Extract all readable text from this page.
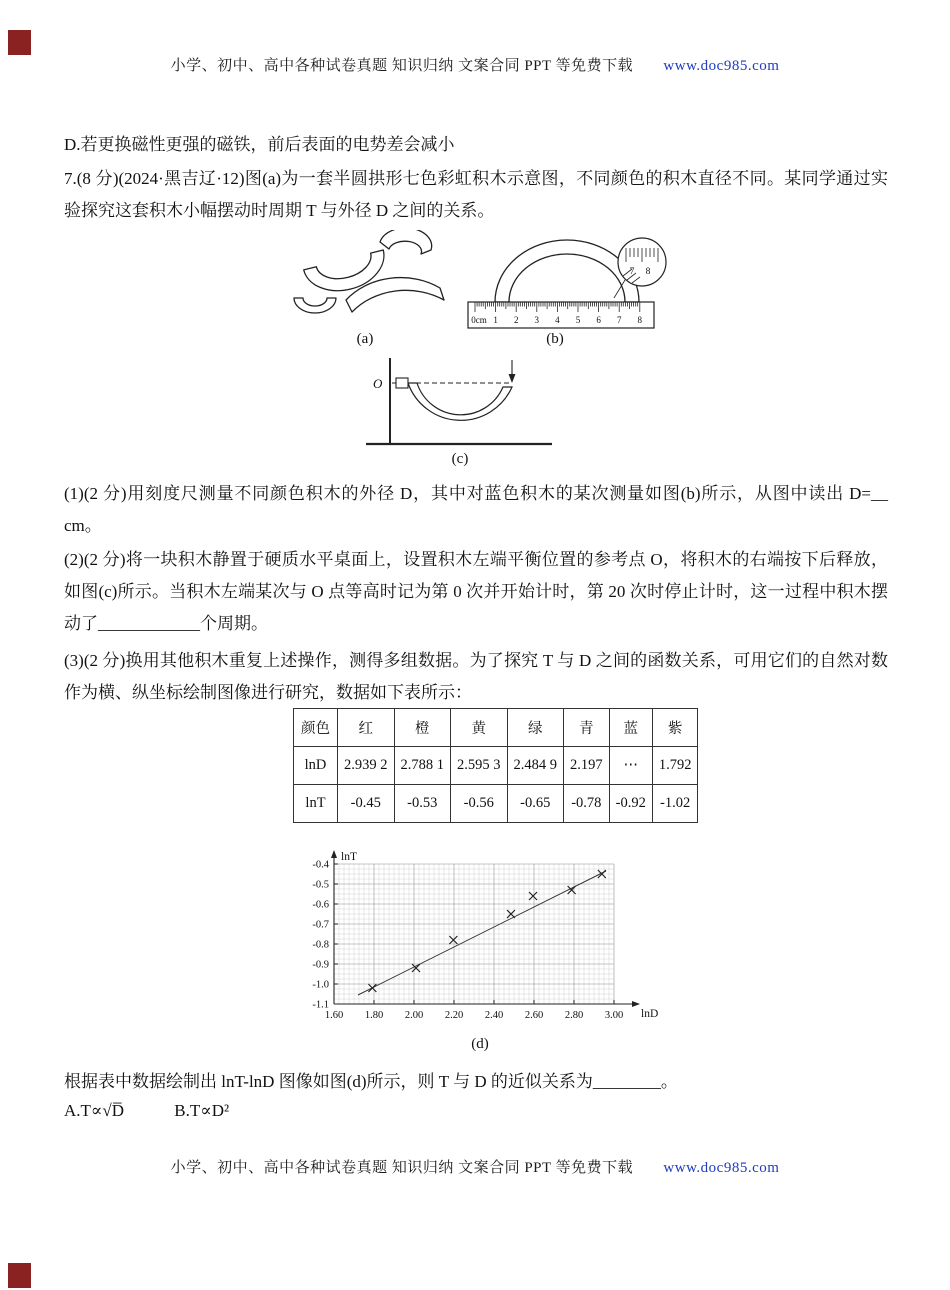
小学、初中、高中各种试卷真题 知识归纳 文案合同 PPT 等免费下载 www.doc985.com
D.若更换磁性更强的磁铁，前后表面的电势差会减小
7.(8 分)(2024·黑吉辽·12)图(a)为一套半圆拱形七色彩虹积木示意图，不同颜色的积木直径不同。某同学通过实验探究这套积木小幅摆动时周期 T 与外径 D 之间的关系。
(a)
0cm 1 2 3 4 5 6 7 8
7 8
(b)
O
(c)
(1)(2 分)用刻度尺测量不同颜色积木的外径 D，其中对蓝色积木的某次测量如图(b)所示，从图中读出 D=__ cm。
(2)(2 分)将一块积木静置于硬质水平桌面上，设置积木左端平衡位置的参考点 O，将积木的右端按下后释放，如图(c)所示。当积木左端某次与 O 点等高时记为第 0 次并开始计时，第 20 次时停止计时，这一过程中积木摆动了____________个周期。
(3)(2 分)换用其他积木重复上述操作，测得多组数据。为了探究 T 与 D 之间的函数关系，可用它们的自然对数作为横、纵坐标绘制图像进行研究，数据如下表所示：
颜色	红	橙	黄	绿	青	蓝	紫
lnD	2.939 2	2.788 1	2.595 3	2.484 9	2.197	⋯	1.792
lnT	-0.45	-0.53	-0.56	-0.65	-0.78	-0.92	-1.02
1.60 1.80 2.00 2.20 2.40 2.60 2.80 3.00
-0.4
-0.5
-0.6
-0.7
-0.8
-0.9
-1.0
-1.1
lnT
lnD
(d)
根据表中数据绘制出 lnT-lnD 图像如图(d)所示，则 T 与 D 的近似关系为________。
A.T∝√D̅	B.T∝D²
小学、初中、高中各种试卷真题 知识归纳 文案合同 PPT 等免费下载 www.doc985.com
